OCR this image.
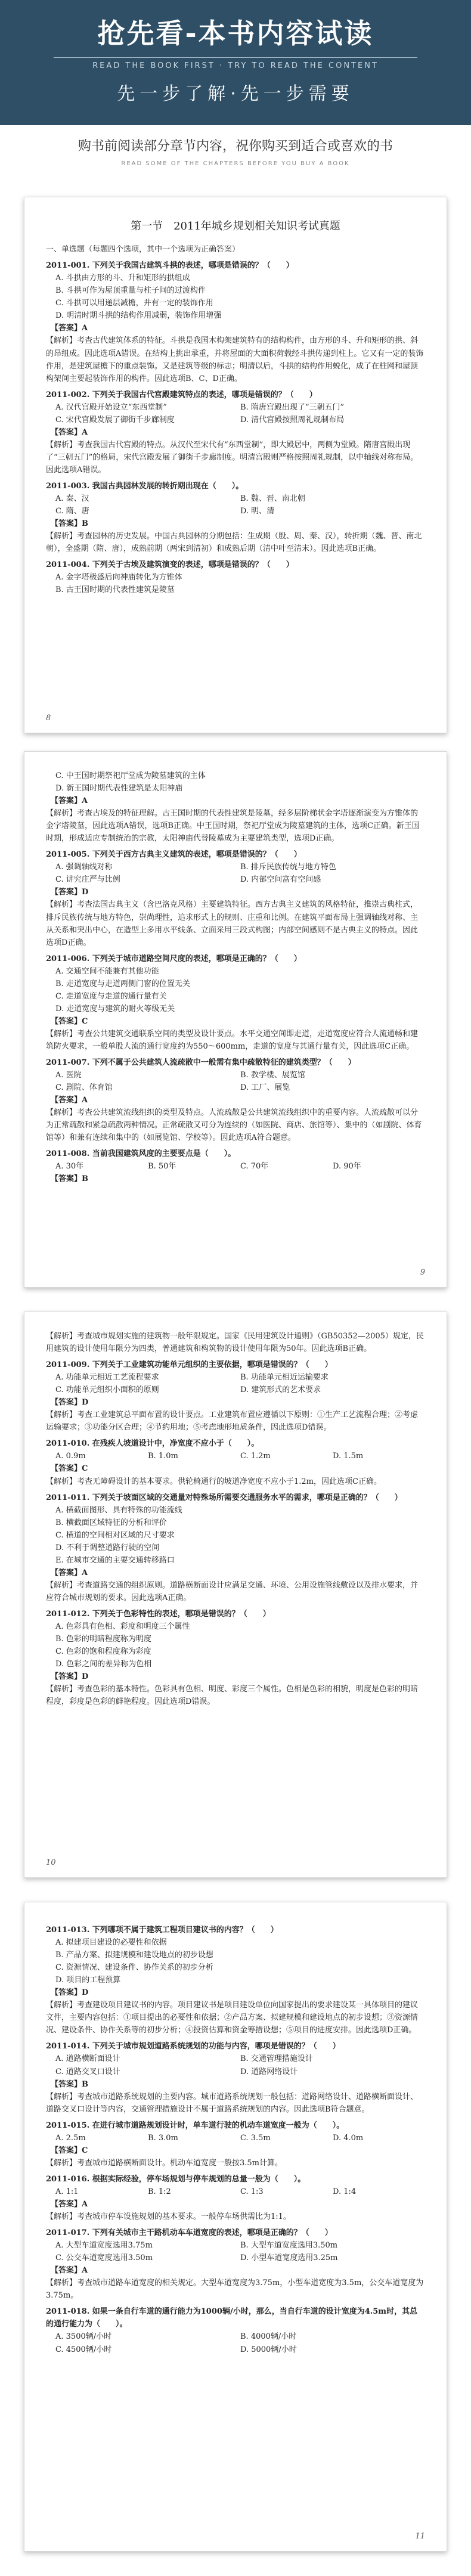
抢先看-本书内容试读
READ THE BOOK FIRST · TRY TO READ THE CONTENT
先一步了解·先一步需要
购书前阅读部分章节内容，祝你购买到适合或喜欢的书
READ SOME OF THE CHAPTERS BEFORE YOU BUY A BOOK
第一节　2011年城乡规划相关知识考试真题
一、单选题（每题四个选项，其中一个选项为正确答案）
2011-001. 下列关于我国古建筑斗拱的表述，哪项是错误的？（　　）
A. 斗拱由方形的斗、升和矩形的拱组成
B. 斗拱可作为屋顶重量与柱子间的过渡构件
C. 斗拱可以用递层减檐，并有一定的装饰作用
D. 明清时期斗拱的结构作用减弱，装饰作用增强
【答案】A
【解析】考查古代建筑体系的特征。斗拱是我国木构架建筑特有的结构构件，由方形的斗、升和矩形的拱、斜的昂组成。因此选项A错误。在结构上挑出承重，并将屋面的大面积荷载经斗拱传递到柱上。它又有一定的装饰作用，是建筑屋檐下的重点装饰。又是建筑等级的标志；明清以后，斗拱的结构作用蜕化，成了在柱网和屋顶构架间主要起装饰作用的构件。因此选项B、C、D正确。
2011-002. 下列关于我国古代宫殿建筑特点的表述，哪项是错误的？（　　）
A. 汉代宫殿开始设立“东西堂制”	B. 隋唐宫殿出现了“三朝五门”
C. 宋代宫殿发展了御街千步廊制度	D. 清代宫殿按照周礼规制布局
【答案】A
【解析】考查我国古代宫殿的特点。从汉代至宋代有“东西堂制”，即大殿居中，两侧为堂殿。隋唐宫殿出现了“三朝五门”的格局，宋代宫殿发展了御街千步廊制度。明清宫殿则严格按照周礼规制，以中轴线对称布局。因此选项A错误。
2011-003. 我国古典园林发展的转折期出现在（　　）。
A. 秦、汉	B. 魏、晋、南北朝
C. 隋、唐	D. 明、清
【答案】B
【解析】考查园林的历史发展。中国古典园林的分期包括：生成期（殷、周、秦、汉），转折期（魏、晋、南北朝），全盛期（隋、唐），成熟前期（两宋到清初）和成熟后期（清中叶至清末）。因此选项B正确。
2011-004. 下列关于古埃及建筑演变的表述，哪项是错误的？（　　）
A. 金字塔极盛后向神庙转化为方锥体
B. 古王国时期的代表性建筑是陵墓
8
C. 中王国时期祭祀厅堂成为陵墓建筑的主体
D. 新王国时期代表性建筑是太阳神庙
【答案】A
【解析】考查古埃及的特征理解。古王国时期的代表性建筑是陵墓，经多层阶梯状金字塔逐渐演变为方锥体的金字塔陵墓，因此选项A错误，选项B正确。中王国时期，祭祀厅堂成为陵墓建筑的主体，选项C正确。新王国时期，形成适应专制统治的宗教，太阳神庙代替陵墓成为主要建筑类型，选项D正确。
2011-005. 下列关于西方古典主义建筑的表述，哪项是错误的？（　　）
A. 强调轴线对称	B. 排斥民族传统与地方特色
C. 讲究庄严与比例	D. 内部空间富有空间感
【答案】D
【解析】考查法国古典主义（含巴洛克风格）主要建筑特征。西方古典主义建筑的风格特征，推崇古典柱式，排斥民族传统与地方特色，崇尚理性，追求形式上的规则、庄重和比例。在建筑平面布局上强调轴线对称、主从关系和突出中心，在造型上多用水平线条、立面采用三段式构图；内部空间感则不是古典主义的特点。因此选项D正确。
2011-006. 下列关于城市道路空间尺度的表述，哪项是正确的？（　　）
A. 交通空间不能兼有其他功能
B. 走道宽度与走道两侧门窗的位置无关
C. 走道宽度与走道的通行量有关
D. 走道宽度与建筑的耐火等级无关
【答案】C
【解析】考查公共建筑交通联系空间的类型及设计要点。水平交通空间即走道，走道宽度应符合人流通畅和建筑防火要求，一般单股人流的通行宽度约为550～600mm，走道的宽度与其通行量有关，因此选项C正确。
2011-007. 下列不属于公共建筑人流疏散中一般需有集中疏散特征的建筑类型？（　　）
A. 医院	B. 教学楼、展览馆
C. 剧院、体育馆	D. 工厂、展览
【答案】A
【解析】考查公共建筑流线组织的类型及特点。人流疏散是公共建筑流线组织中的重要内容。人流疏散可以分为正常疏散和紧急疏散两种情况。正常疏散又可分为连续的（如医院、商店、旅馆等）、集中的（如剧院、体育馆等）和兼有连续和集中的（如展览馆、学校等）。因此选项A符合题意。
2011-008. 当前我国建筑风度的主要要点是（　　）。
A. 30年	B. 50年	C. 70年	D. 90年
【答案】B
9
【解析】考查城市规划实施的建筑物一般年限规定。国家《民用建筑设计通则》（GB50352—2005）规定，民用建筑的设计使用年限分为四类，普通建筑和构筑物的设计使用年限为50年。因此选项B正确。
2011-009. 下列关于工业建筑功能单元组织的主要依据，哪项是错误的？（　　）
A. 功能单元相近工艺流程要求	B. 功能单元相近运输要求
C. 功能单元组织小面积的原则	D. 建筑形式的艺术要求
【答案】D
【解析】考查工业建筑总平面布置的设计要点。工业建筑布置应遵循以下原则：①生产工艺流程合理；②考虑运输要求；③功能分区合理；④节约用地；⑤考虑地形地质条件，因此选项D错误。
2011-010. 在残疾人坡道设计中，净宽度不应小于（　　）。
A. 0.9m	B. 1.0m	C. 1.2m	D. 1.5m
【答案】C
【解析】考查无障碍设计的基本要求。供轮椅通行的坡道净宽度不应小于1.2m，因此选项C正确。
2011-011. 下列关于坡面区域的交通量对特殊场所需要交通服务水平的需求，哪项是正确的？（　　）
A. 横截面图形、具有特殊的功能流线
B. 横截面区域特征的分析和评价
C. 横道的空间相对区域的尺寸要求
D. 不利于调整道路行驶的空间
E. 在城市交通的主要交通转移路口
【答案】A
【解析】考查道路交通的组织原则。道路横断面设计应满足交通、环境、公用设施管线敷设以及排水要求，并应符合城市规划的要求。因此选项A正确。
2011-012. 下列关于色彩特性的表述，哪项是错误的？（　　）
A. 色彩具有色相、彩度和明度三个属性
B. 色彩的明暗程度称为明度
C. 色彩的饱和程度称为彩度
D. 色彩之间的差异称为色相
【答案】D
【解析】考查色彩的基本特性。色彩具有色相、明度、彩度三个属性。色相是色彩的相貌，明度是色彩的明暗程度，彩度是色彩的鲜艳程度。因此选项D错误。
10
2011-013. 下列哪项不属于建筑工程项目建议书的内容？（　　）
A. 拟建项目建设的必要性和依据
B. 产品方案、拟建规模和建设地点的初步设想
C. 资源情况、建设条件、协作关系的初步分析
D. 项目的工程预算
【答案】D
【解析】考查建设项目建议书的内容。项目建议书是项目建设单位向国家提出的要求建设某一具体项目的建议文件，主要内容包括：①项目提出的必要性和依据；②产品方案、拟建规模和建设地点的初步设想；③资源情况、建设条件、协作关系等的初步分析；④投资估算和资金筹措设想；⑤项目的进度安排。因此选项D正确。
2011-014. 下列关于城市规划道路系统规划的功能与内容，哪项是错误的？（　　）
A. 道路横断面设计	B. 交通管理措施设计
C. 道路交叉口设计	D. 道路网络设计
【答案】B
【解析】考查城市道路系统规划的主要内容。城市道路系统规划一般包括：道路网络设计、道路横断面设计、道路交叉口设计等内容，交通管理措施设计不属于道路系统规划的内容。因此选项B符合题意。
2011-015. 在进行城市道路规划设计时，单车道行驶的机动车道宽度一般为（　　）。
A. 2.5m	B. 3.0m	C. 3.5m	D. 4.0m
【答案】C
【解析】考查城市道路横断面设计。机动车道宽度一般按3.5m计算。
2011-016. 根据实际经验，停车场规划与停车规划的总量一般为（　　）。
A. 1:1	B. 1:2	C. 1:3	D. 1:4
【答案】A
【解析】考查城市停车设施规划的基本要求。一般停车场供需比为1:1。
2011-017. 下列有关城市主干路机动车车道宽度的表述，哪项是正确的？（　　）
A. 大型车道宽度选用3.75m	B. 大型车道宽度选用3.50m
C. 公交车道宽度选用3.50m	D. 小型车道宽度选用3.25m
【答案】A
【解析】考查城市道路车道宽度的相关规定。大型车道宽度为3.75m，小型车道宽度为3.5m，公交车道宽度为3.75m。
2011-018. 如果一条自行车道的通行能力为1000辆/小时，那么，当自行车道的设计宽度为4.5m时，其总的通行能力为（　　）。
A. 3500辆/小时	B. 4000辆/小时
C. 4500辆/小时	D. 5000辆/小时
11
